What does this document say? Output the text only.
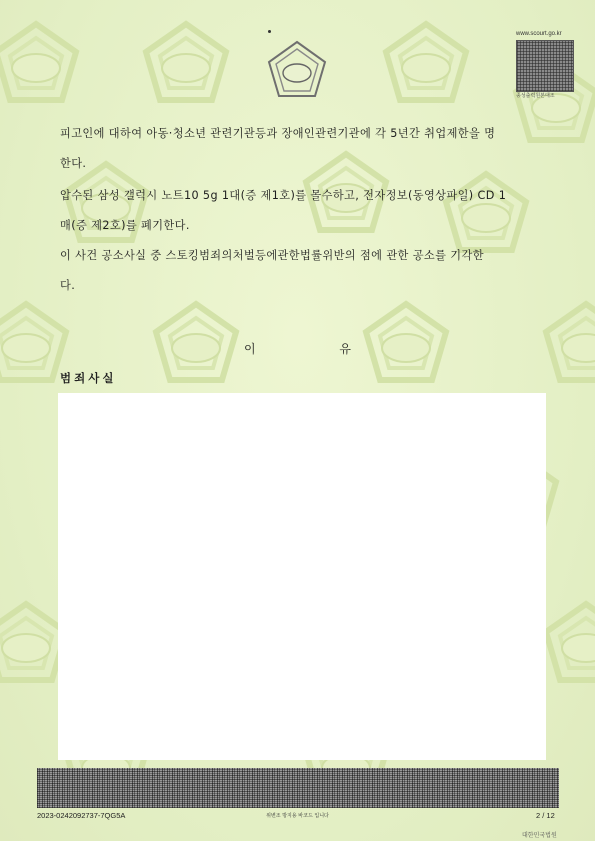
www.scourt.go.kr
종성출력원본대조
피고인에 대하여 아동·청소년 관련기관등과 장애인관련기관에 각 5년간 취업제한을 명
한다.
압수된 삼성 갤럭시 노트10 5g 1대(증 제1호)를 몰수하고, 전자정보(동영상파일) CD 1
매(증 제2호)를 폐기한다.
이 사건 공소사실 중 스토킹범죄의처벌등에관한법률위반의 점에 관한 공소를 기각한
다.
이 유
범죄사실
2023-0242092737-7QG5A	위변조 방지용 바코드 입니다	2 / 12
대한민국법원
